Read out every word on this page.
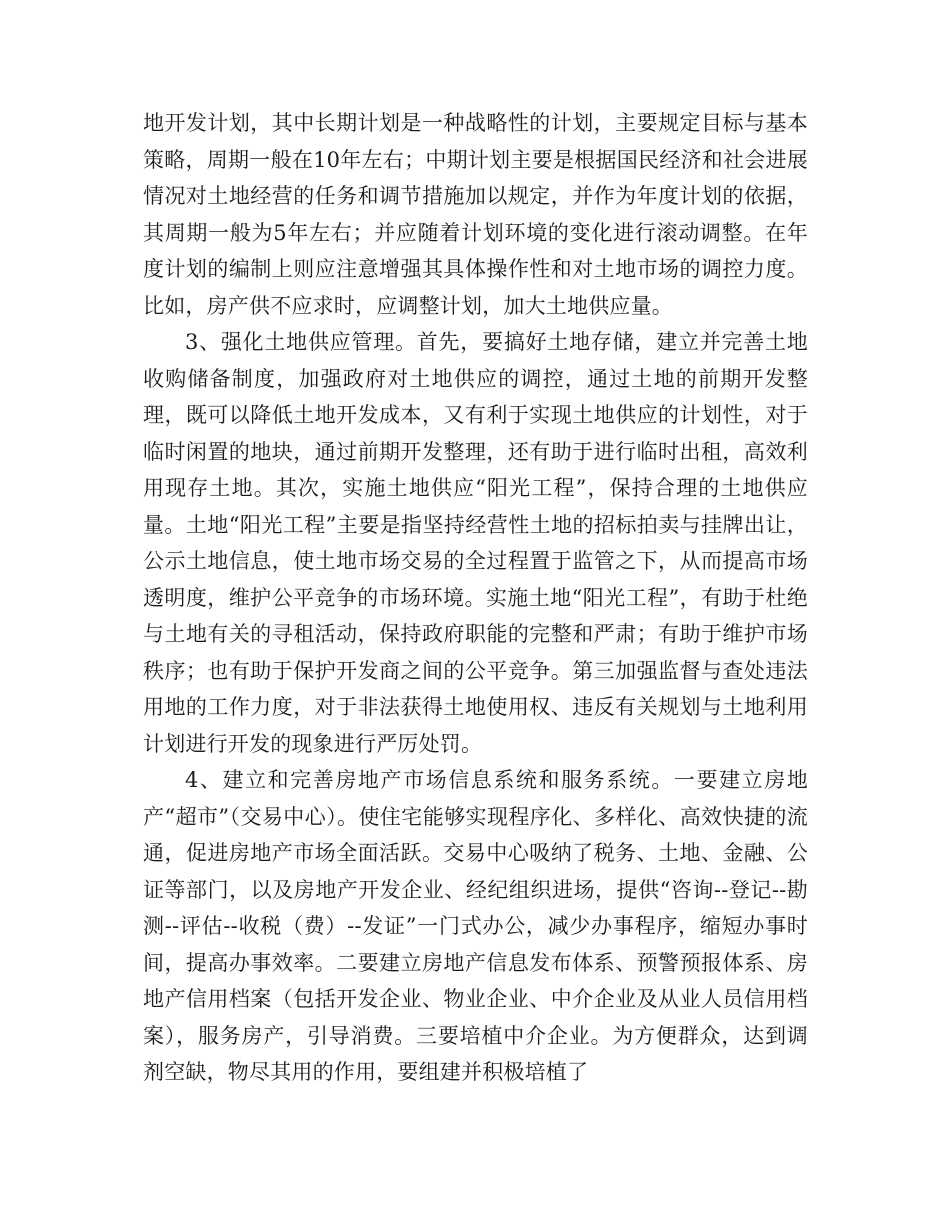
地开发计划，其中长期计划是一种战略性的计划，主要规定目标与基本策略，周期一般在10年左右；中期计划主要是根据国民经济和社会进展情况对土地经营的任务和调节措施加以规定，并作为年度计划的依据，其周期一般为5年左右；并应随着计划环境的变化进行滚动调整。在年度计划的编制上则应注意增强其具体操作性和对土地市场的调控力度。比如，房产供不应求时，应调整计划，加大土地供应量。

3、强化土地供应管理。首先，要搞好土地存储，建立并完善土地收购储备制度，加强政府对土地供应的调控，通过土地的前期开发整理，既可以降低土地开发成本，又有利于实现土地供应的计划性，对于临时闲置的地块，通过前期开发整理，还有助于进行临时出租，高效利用现存土地。其次，实施土地供应“阳光工程”，保持合理的土地供应量。土地“阳光工程”主要是指坚持经营性土地的招标拍卖与挂牌出让，公示土地信息，使土地市场交易的全过程置于监管之下，从而提高市场透明度，维护公平竞争的市场环境。实施土地“阳光工程”，有助于杜绝与土地有关的寻租活动，保持政府职能的完整和严肃；有助于维护市场秩序；也有助于保护开发商之间的公平竞争。第三加强监督与查处违法用地的工作力度，对于非法获得土地使用权、违反有关规划与土地利用计划进行开发的现象进行严厉处罚。

4、建立和完善房地产市场信息系统和服务系统。一要建立房地产“超市”（交易中心）。使住宅能够实现程序化、多样化、高效快捷的流通，促进房地产市场全面活跃。交易中心吸纳了税务、土地、金融、公证等部门，以及房地产开发企业、经纪组织进场，提供“咨询--登记--勘测--评估--收税（费）--发证”一门式办公，减少办事程序，缩短办事时间，提高办事效率。二要建立房地产信息发布体系、预警预报体系、房地产信用档案（包括开发企业、物业企业、中介企业及从业人员信用档案），服务房产，引导消费。三要培植中介企业。为方便群众，达到调剂空缺，物尽其用的作用，要组建并积极培植了
